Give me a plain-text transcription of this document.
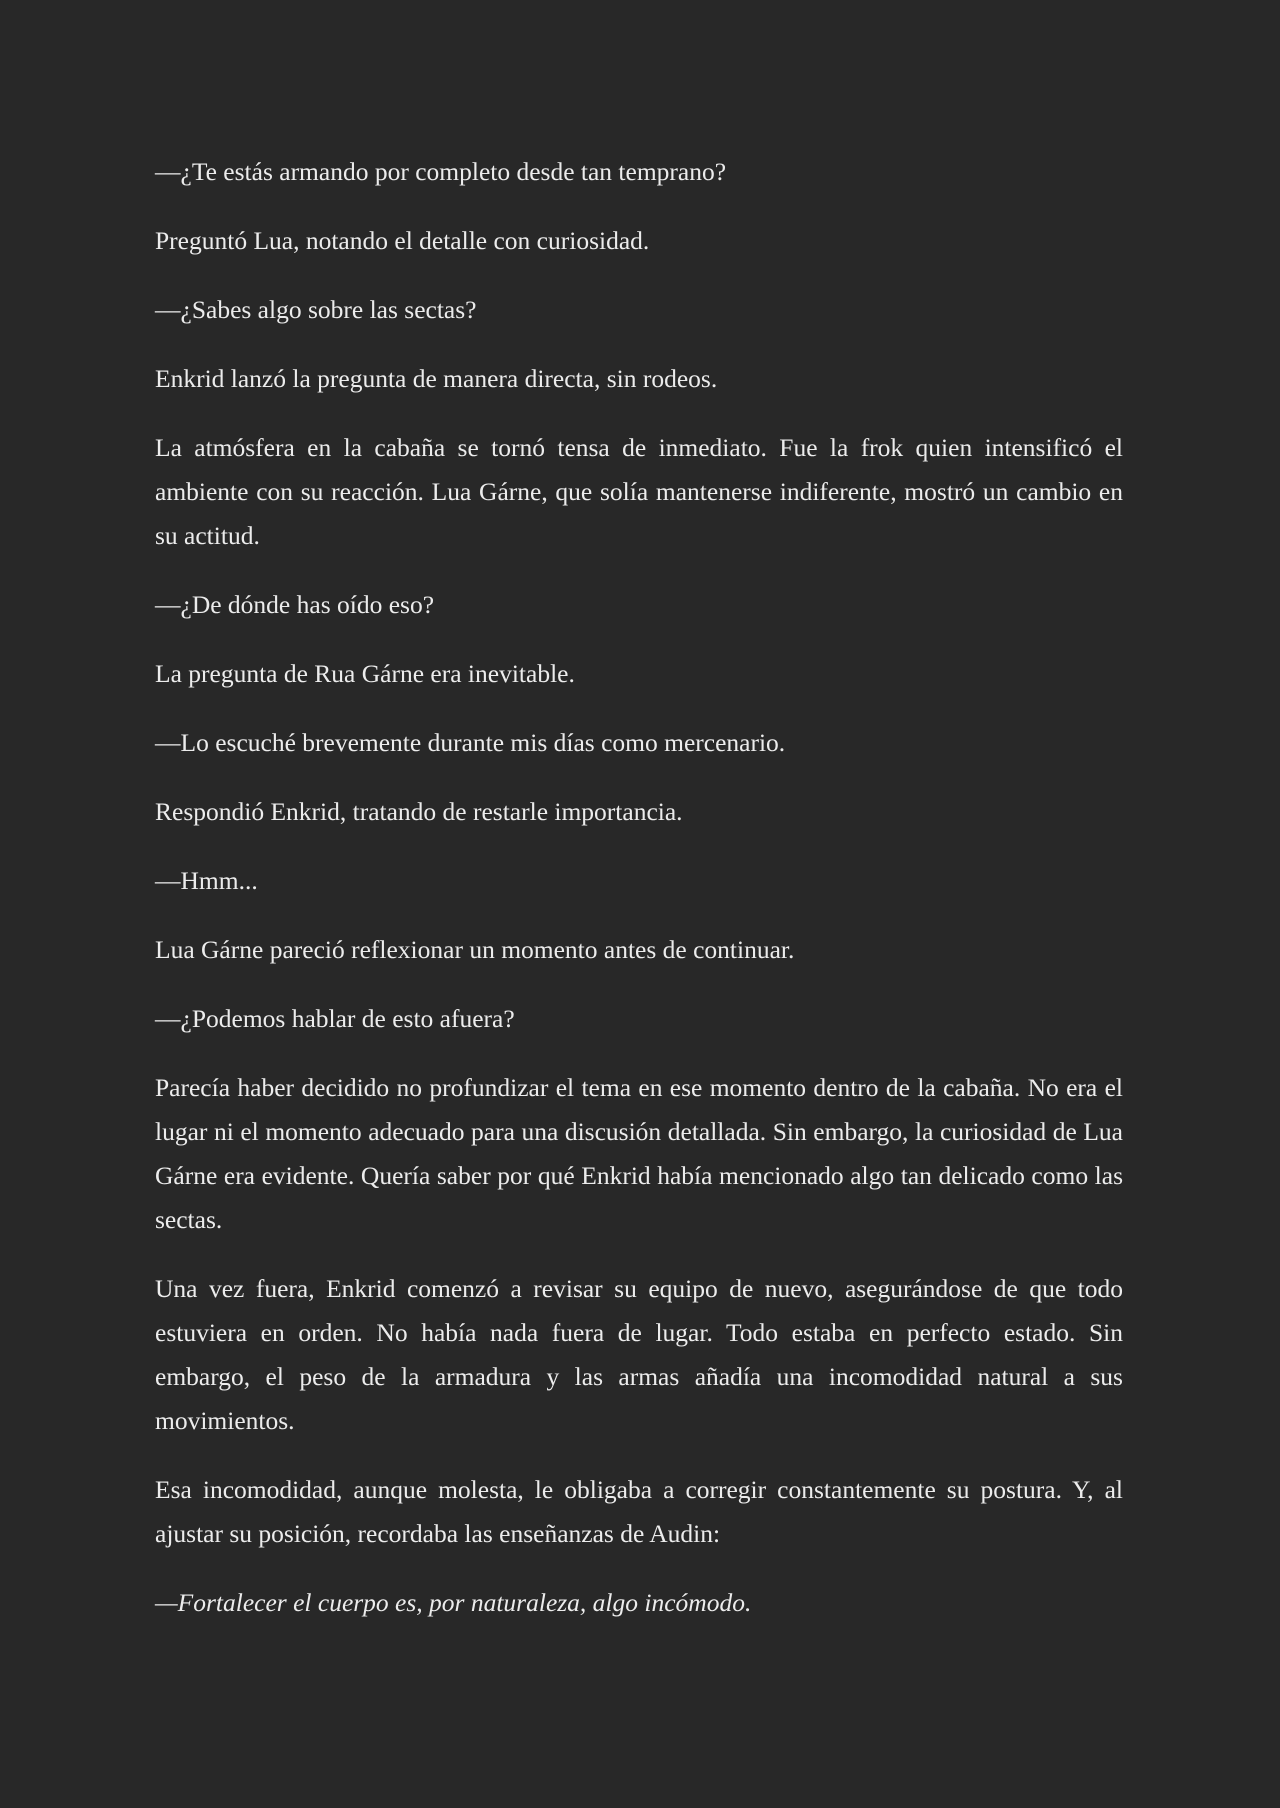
—¿Te estás armando por completo desde tan temprano?

Preguntó Lua, notando el detalle con curiosidad.

—¿Sabes algo sobre las sectas?

Enkrid lanzó la pregunta de manera directa, sin rodeos.

La atmósfera en la cabaña se tornó tensa de inmediato. Fue la frok quien intensificó el ambiente con su reacción. Lua Gárne, que solía mantenerse indiferente, mostró un cambio en su actitud.

—¿De dónde has oído eso?

La pregunta de Rua Gárne era inevitable.

—Lo escuché brevemente durante mis días como mercenario.

Respondió Enkrid, tratando de restarle importancia.

—Hmm...

Lua Gárne pareció reflexionar un momento antes de continuar.

—¿Podemos hablar de esto afuera?

Parecía haber decidido no profundizar el tema en ese momento dentro de la cabaña. No era el lugar ni el momento adecuado para una discusión detallada. Sin embargo, la curiosidad de Lua Gárne era evidente. Quería saber por qué Enkrid había mencionado algo tan delicado como las sectas.

Una vez fuera, Enkrid comenzó a revisar su equipo de nuevo, asegurándose de que todo estuviera en orden. No había nada fuera de lugar. Todo estaba en perfecto estado. Sin embargo, el peso de la armadura y las armas añadía una incomodidad natural a sus movimientos.

Esa incomodidad, aunque molesta, le obligaba a corregir constantemente su postura. Y, al ajustar su posición, recordaba las enseñanzas de Audin:

—Fortalecer el cuerpo es, por naturaleza, algo incómodo.
